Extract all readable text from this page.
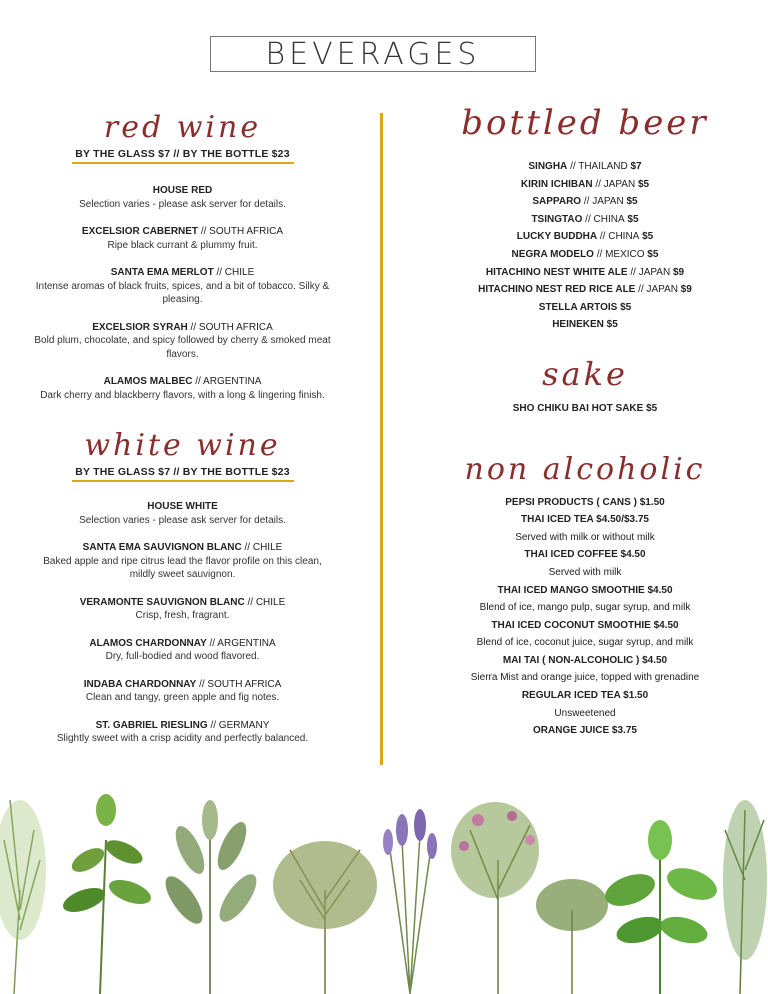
BEVERAGES
red wine
BY THE GLASS $7 // BY THE BOTTLE $23
HOUSE RED
Selection varies - please ask server for details.
EXCELSIOR CABERNET // SOUTH AFRICA
Ripe black currant & plummy fruit.
SANTA EMA MERLOT // CHILE
Intense aromas of black fruits, spices, and a bit of tobacco. Silky & pleasing.
EXCELSIOR SYRAH // SOUTH AFRICA
Bold plum, chocolate, and spicy followed by cherry & smoked meat flavors.
ALAMOS MALBEC // ARGENTINA
Dark cherry and blackberry flavors, with a long & lingering finish.
white wine
BY THE GLASS $7 // BY THE BOTTLE $23
HOUSE WHITE
Selection varies - please ask server for details.
SANTA EMA SAUVIGNON BLANC // CHILE
Baked apple and ripe citrus lead the flavor profile on this clean, mildly sweet sauvignon.
VERAMONTE SAUVIGNON BLANC // CHILE
Crisp, fresh, fragrant.
ALAMOS CHARDONNAY // ARGENTINA
Dry, full-bodied and wood flavored.
INDABA CHARDONNAY // SOUTH AFRICA
Clean and tangy, green apple and fig notes.
ST. GABRIEL RIESLING // GERMANY
Slightly sweet with a crisp acidity and perfectly balanced.
bottled beer
SINGHA // THAILAND $7
KIRIN ICHIBAN // JAPAN $5
SAPPARO // JAPAN $5
TSINGTAO // CHINA $5
LUCKY BUDDHA // CHINA $5
NEGRA MODELO // MEXICO $5
HITACHINO NEST WHITE ALE // JAPAN $9
HITACHINO NEST RED RICE ALE // JAPAN $9
STELLA ARTOIS $5
HEINEKEN $5
sake
SHO CHIKU BAI HOT SAKE $5
non alcoholic
PEPSI PRODUCTS ( CANS ) $1.50
THAI ICED TEA $4.50/$3.75
Served with milk or without milk
THAI ICED COFFEE $4.50
Served with milk
THAI ICED MANGO SMOOTHIE $4.50
Blend of ice, mango pulp, sugar syrup, and milk
THAI ICED COCONUT SMOOTHIE $4.50
Blend of ice, coconut juice, sugar syrup, and milk
MAI TAI ( NON-ALCOHOLIC ) $4.50
Sierra Mist and orange juice, topped with grenadine
REGULAR ICED TEA $1.50
Unsweetened
ORANGE JUICE $3.75
